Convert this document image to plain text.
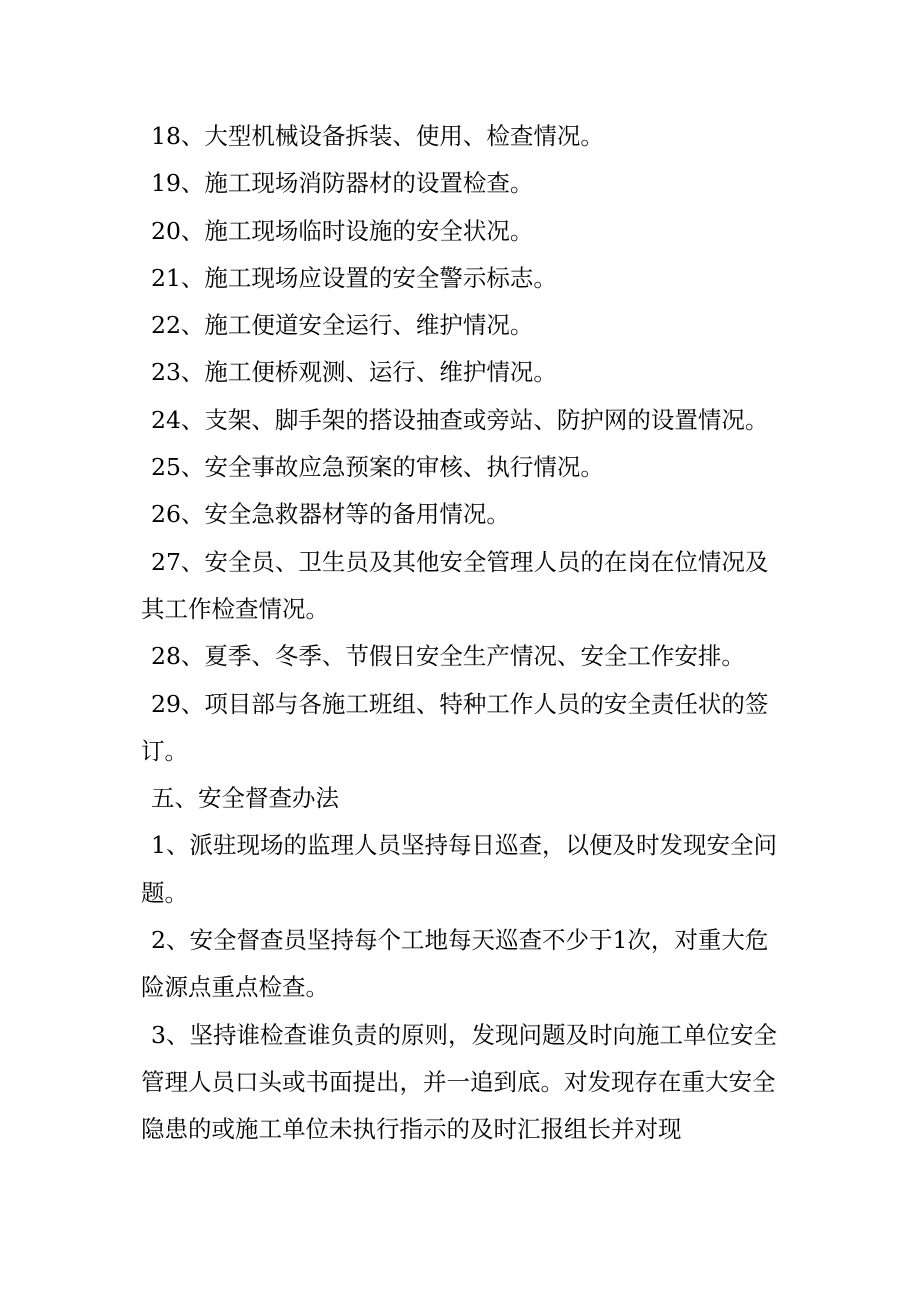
18、大型机械设备拆装、使用、检查情况。

19、施工现场消防器材的设置检查。

20、施工现场临时设施的安全状况。

21、施工现场应设置的安全警示标志。

22、施工便道安全运行、维护情况。

23、施工便桥观测、运行、维护情况。

24、支架、脚手架的搭设抽查或旁站、防护网的设置情况。

25、安全事故应急预案的审核、执行情况。

26、安全急救器材等的备用情况。

27、安全员、卫生员及其他安全管理人员的在岗在位情况及其工作检查情况。

28、夏季、冬季、节假日安全生产情况、安全工作安排。

29、项目部与各施工班组、特种工作人员的安全责任状的签订。

五、安全督查办法

1、派驻现场的监理人员坚持每日巡查，以便及时发现安全问题。

2、安全督查员坚持每个工地每天巡查不少于1次，对重大危险源点重点检查。

3、坚持谁检查谁负责的原则，发现问题及时向施工单位安全管理人员口头或书面提出，并一追到底。对发现存在重大安全隐患的或施工单位未执行指示的及时汇报组长并对现
